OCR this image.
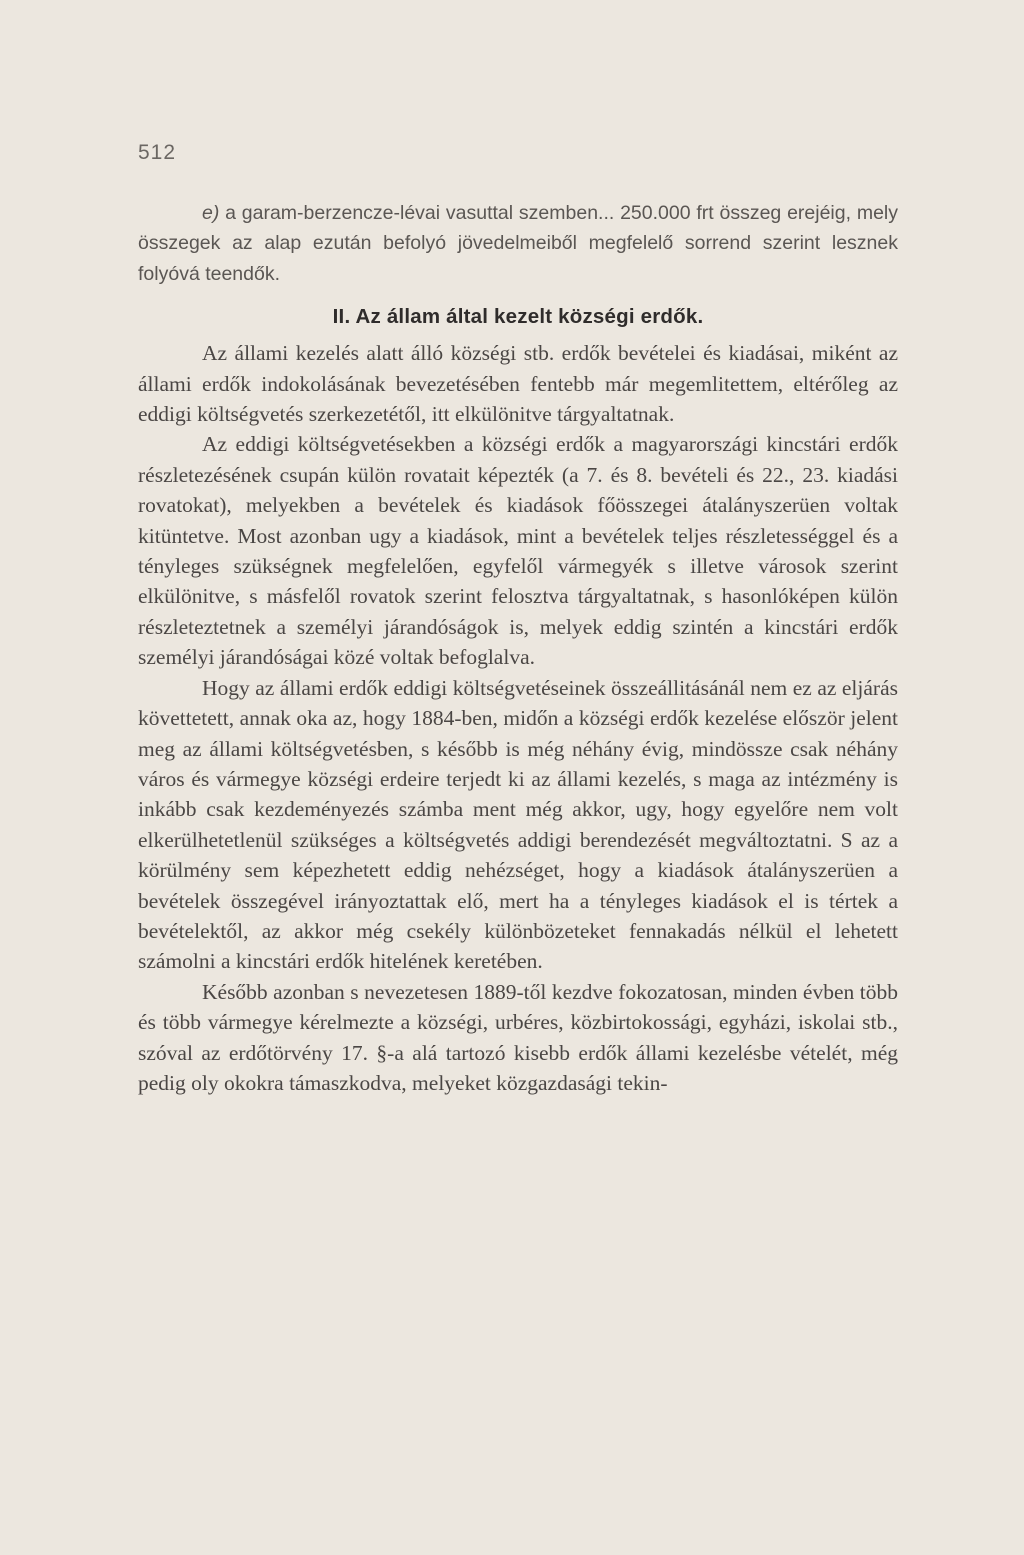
512

e) a garam-berzencze-lévai vasuttal szemben... 250.000 frt összeg erejéig, mely összegek az alap ezután befolyó jövedelmeiből megfelelő sorrend szerint lesznek folyóvá teendők.

II. Az állam által kezelt községi erdők.

Az állami kezelés alatt álló községi stb. erdők bevételei és kiadásai, miként az állami erdők indokolásának bevezetésében fentebb már megemlitettem, eltérőleg az eddigi költségvetés szerkezetétől, itt elkülönitve tárgyaltatnak.

Az eddigi költségvetésekben a községi erdők a magyarországi kincstári erdők részletezésének csupán külön rovatait képezték (a 7. és 8. bevételi és 22., 23. kiadási rovatokat), melyekben a bevételek és kiadások főösszegei átalányszerüen voltak kitüntetve. Most azonban ugy a kiadások, mint a bevételek teljes részletességgel és a tényleges szükségnek megfelelően, egyfelől vármegyék s illetve városok szerint elkülönitve, s másfelől rovatok szerint felosztva tárgyaltatnak, s hasonlóképen külön részleteztetnek a személyi járandóságok is, melyek eddig szintén a kincstári erdők személyi járandóságai közé voltak befoglalva.

Hogy az állami erdők eddigi költségvetéseinek összeállitásánál nem ez az eljárás követtetett, annak oka az, hogy 1884-ben, midőn a községi erdők kezelése először jelent meg az állami költségvetésben, s később is még néhány évig, mindössze csak néhány város és vármegye községi erdeire terjedt ki az állami kezelés, s maga az intézmény is inkább csak kezdeményezés számba ment még akkor, ugy, hogy egyelőre nem volt elkerülhetetlenül szükséges a költségvetés addigi berendezését megváltoztatni. S az a körülmény sem képezhetett eddig nehézséget, hogy a kiadások átalányszerüen a bevételek összegével irányoztattak elő, mert ha a tényleges kiadások el is tértek a bevételektől, az akkor még csekély különbözeteket fennakadás nélkül el lehetett számolni a kincstári erdők hitelének keretében.

Később azonban s nevezetesen 1889-től kezdve fokozatosan, minden évben több és több vármegye kérelmezte a községi, urbéres, közbirtokossági, egyházi, iskolai stb., szóval az erdőtörvény 17. §-a alá tartozó kisebb erdők állami kezelésbe vételét, még pedig oly okokra támaszkodva, melyeket közgazdasági tekin-
